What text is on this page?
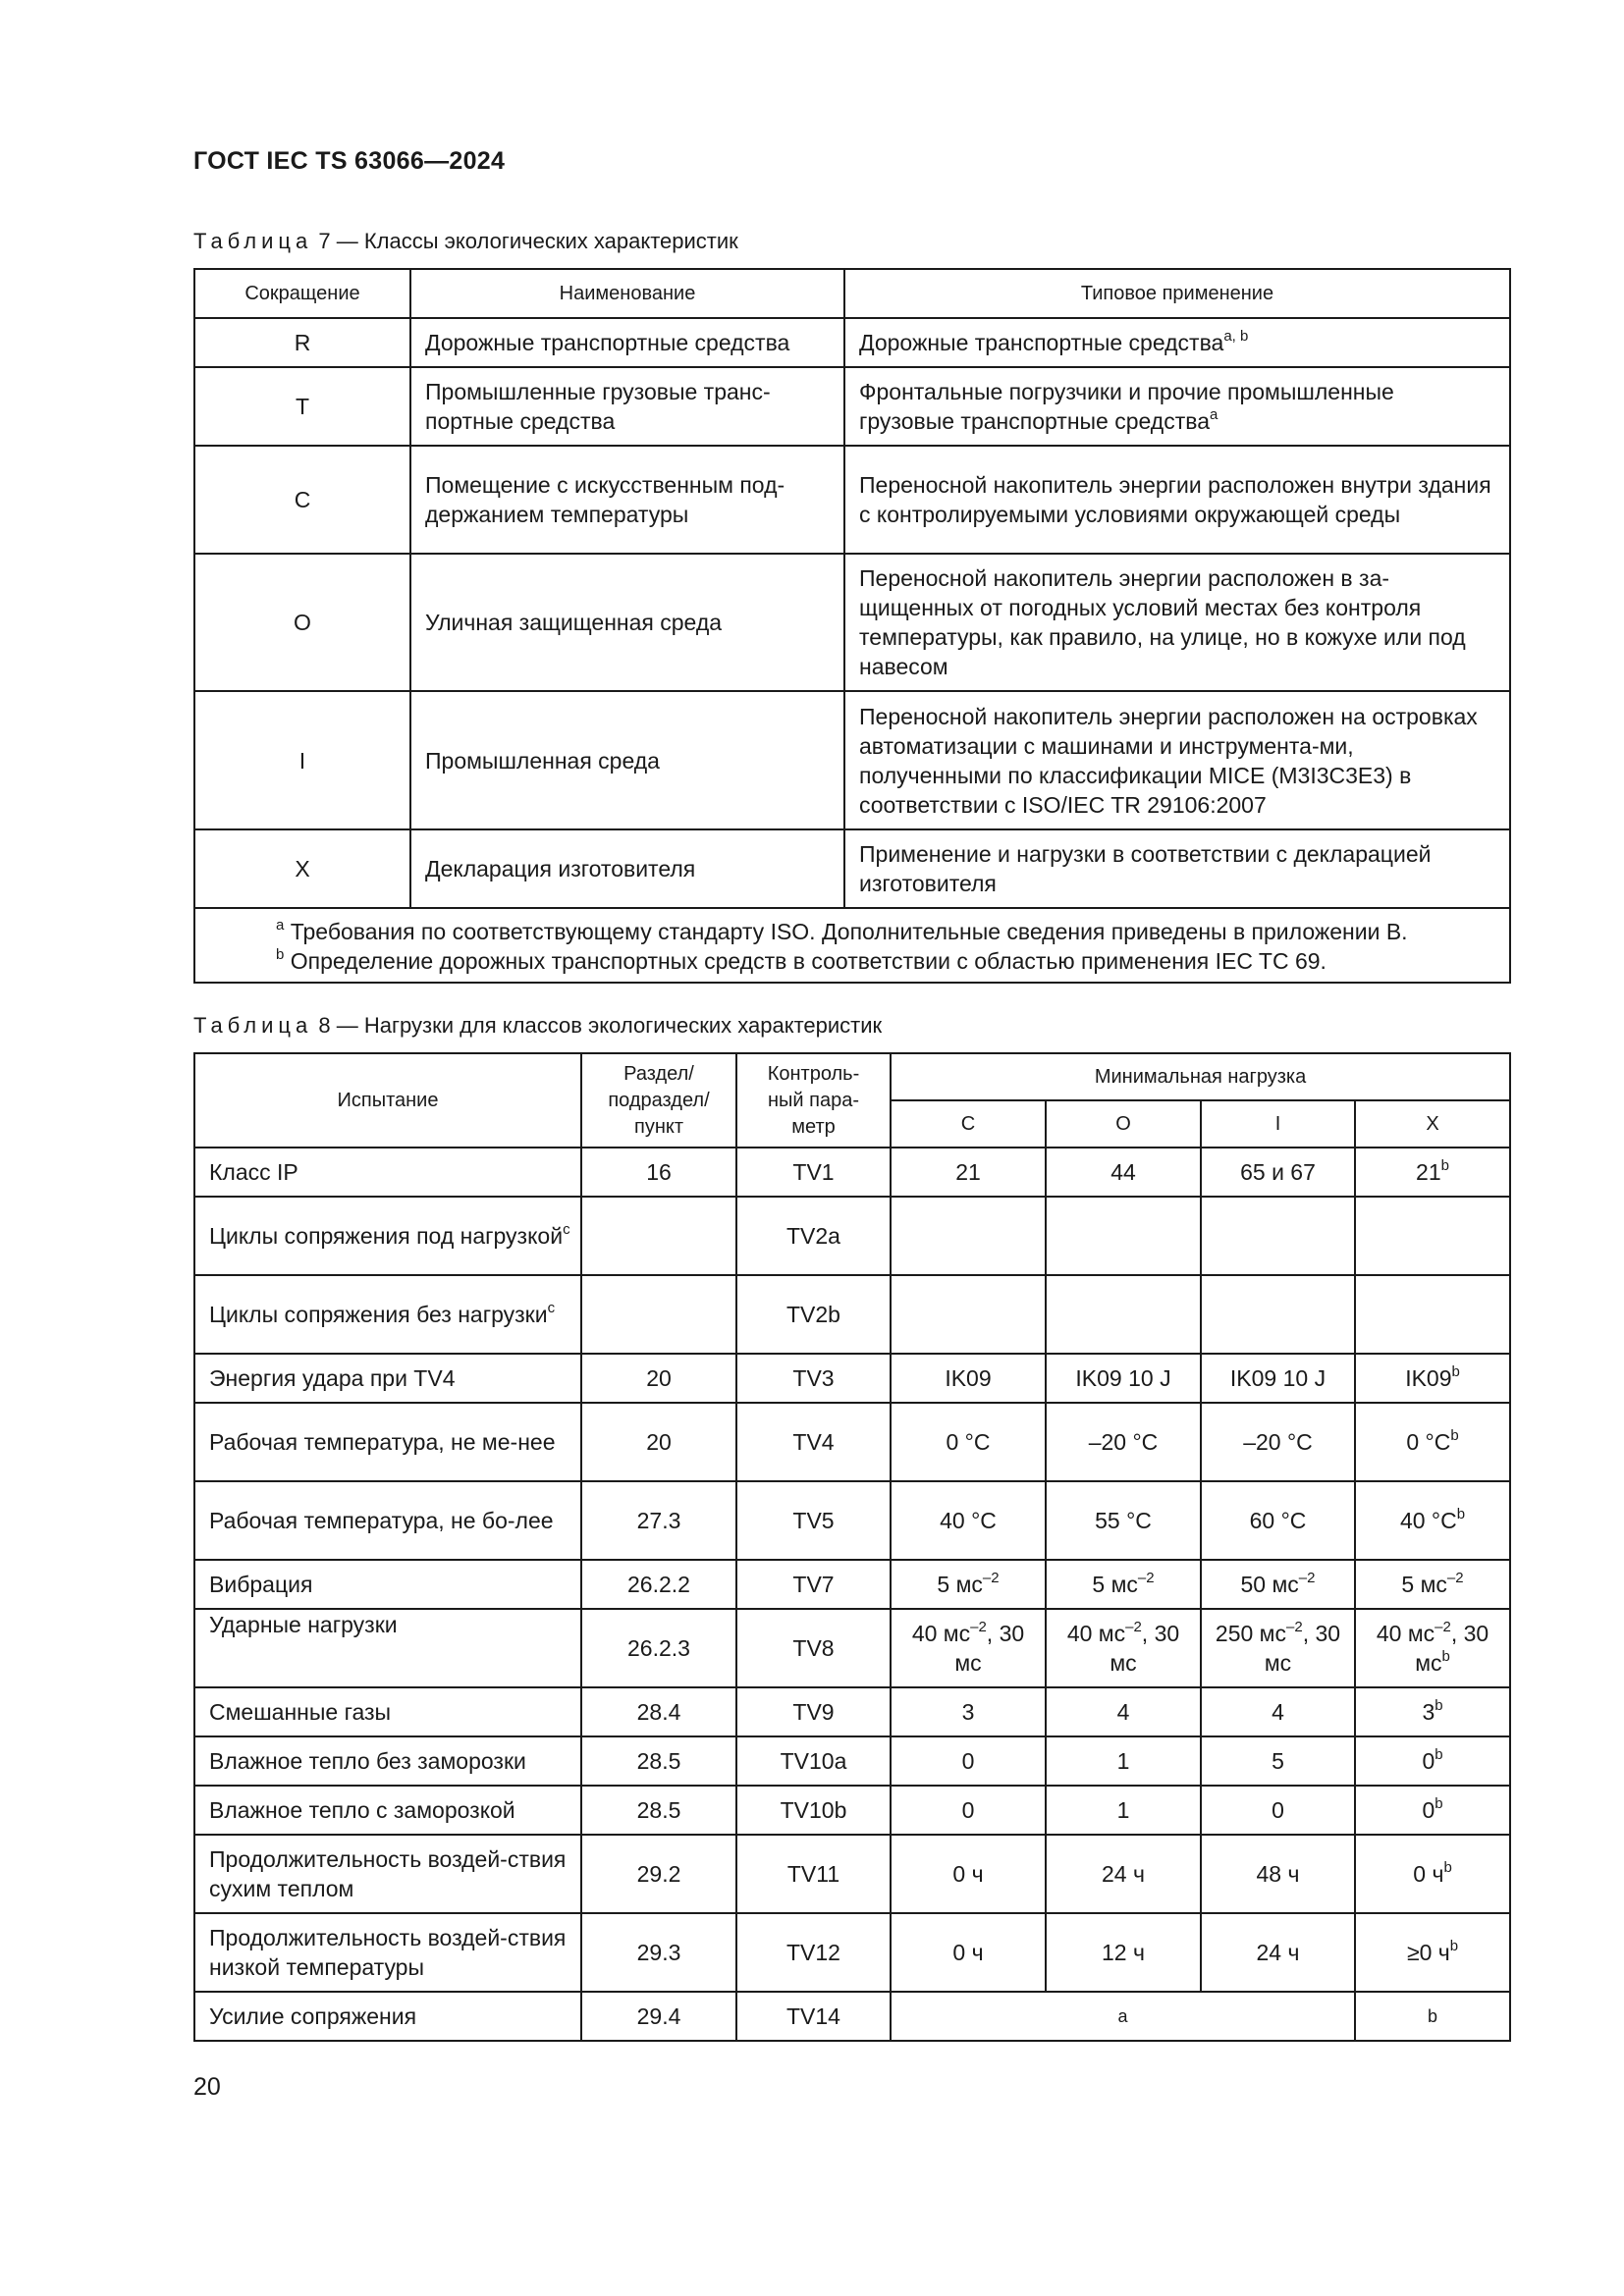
ГОСТ IEC TS 63066—2024
Таблица 7 — Классы экологических характеристик
Сокращение	Наименование	Типовое применение
R	Дорожные транспортные средства	Дорожные транспортные средства$^{a, b}$
T	Промышленные грузовые транс-портные средства	Фронтальные погрузчики и прочие промышленные грузовые транспортные средства$^a$
C	Помещение с искусственным под-держанием температуры	Переносной накопитель энергии расположен внутри здания с контролируемыми условиями окружающей среды
O	Уличная защищенная среда	Переносной накопитель энергии расположен в за-щищенных от погодных условий местах без контроля температуры, как правило, на улице, но в кожухе или под навесом
I	Промышленная среда	Переносной накопитель энергии расположен на островках автоматизации с машинами и инструмента-ми, полученными по классификации MICE (M3I3C3E3) в соответствии с ISO/IEC TR 29106:2007
X	Декларация изготовителя	Применение и нагрузки в соответствии с декларацией изготовителя

$^a$ Требования по соответствующему стандарту ISO. Дополнительные сведения приведены в приложении B.
$^b$ Определение дорожных транспортных средств в соответствии с областью применения IEC TC 69.		
Таблица 8 — Нагрузки для классов экологических характеристик
Испытание	Раздел/ подраздел/ пункт	Контроль-ный пара-метр	Минимальная нагрузка			
			C	O	I	X
Класс IP	16	TV1	21	44	65 и 67	21$^b$
Циклы сопряжения под нагрузкой$^c$		TV2a				
Циклы сопряжения без нагрузки$^c$		TV2b				
Энергия удара при TV4	20	TV3	IK09	IK09 10 J	IK09 10 J	IK09$^b$
Рабочая температура, не ме-нее	20	TV4	0 °C	–20 °C	–20 °C	0 $^\circ C^b$
Рабочая температура, не бо-лее	27.3	TV5	40 °C	55 °C	60 °C	40 $^\circ C^b$
Вибрация	26.2.2	TV7	5 $мс^{-2}$	5 $мс^{-2}$	50 $мс^{-2}$	5 $мс^{-2}$
Ударные нагрузки	26.2.3	TV8	40 $мс^{-2}$, 30 мс	40 $мс^{-2}$, 30 мс	250 $мс^{-2}$, 30 мс	40 $мс^{-2}$, 30 $мс^b$
Смешанные газы	28.4	TV9	3	4	4	3$^b$
Влажное тепло без заморозки	28.5	TV10a	0	1	5	0$^b$
Влажное тепло с заморозкой	28.5	TV10b	0	1	0	0$^b$
Продолжительность воздей-ствия сухим теплом	29.2	TV11	0 ч	24 ч	48 ч	0 $ч^b$
Продолжительность воздей-ствия низкой температуры	29.3	TV12	0 ч	12 ч	24 ч	≥0 $ч^b$
Усилие сопряжения	29.4	TV14	a			b
20
